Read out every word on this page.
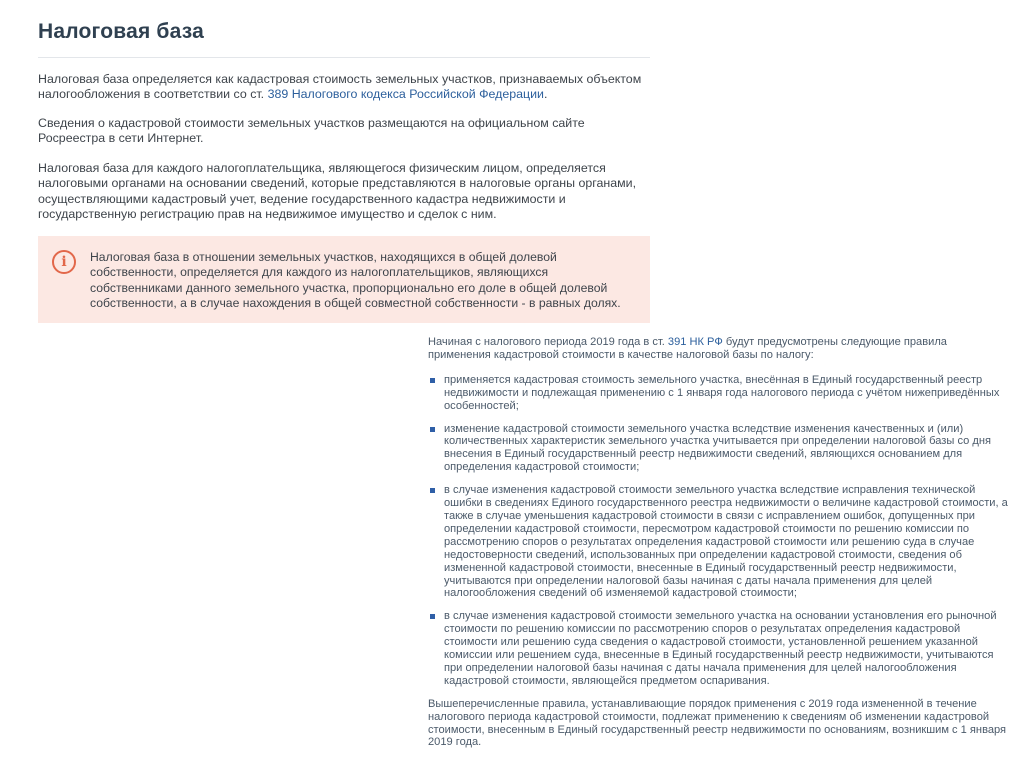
Налоговая база

Налоговая база определяется как кадастровая стоимость земельных участков, признаваемых объектом налогообложения в соответствии со ст. 389 Налогового кодекса Российской Федерации.

Сведения о кадастровой стоимости земельных участков размещаются на официальном сайте Росреестра в сети Интернет.

Налоговая база для каждого налогоплательщика, являющегося физическим лицом, определяется налоговыми органами на основании сведений, которые представляются в налоговые органы органами, осуществляющими кадастровый учет, ведение государственного кадастра недвижимости и государственную регистрацию прав на недвижимое имущество и сделок с ним.

i	Налоговая база в отношении земельных участков, находящихся в общей долевой собственности, определяется для каждого из налогоплательщиков, являющихся собственниками данного земельного участка, пропорционально его доле в общей долевой собственности, а в случае нахождения в общей совместной собственности - в равных долях.

Начиная с налогового периода 2019 года в ст. 391 НК РФ будут предусмотрены следующие правила применения кадастровой стоимости в качестве налоговой базы по налогу:

применяется кадастровая стоимость земельного участка, внесённая в Единый государственный реестр недвижимости и подлежащая применению с 1 января года налогового периода с учётом нижеприведённых особенностей;
изменение кадастровой стоимости земельного участка вследствие изменения качественных и (или) количественных характеристик земельного участка учитывается при определении налоговой базы со дня внесения в Единый государственный реестр недвижимости сведений, являющихся основанием для определения кадастровой стоимости;
в случае изменения кадастровой стоимости земельного участка вследствие исправления технической ошибки в сведениях Единого государственного реестра недвижимости о величине кадастровой стоимости, а также в случае уменьшения кадастровой стоимости в связи с исправлением ошибок, допущенных при определении кадастровой стоимости, пересмотром кадастровой стоимости по решению комиссии по рассмотрению споров о результатах определения кадастровой стоимости или решению суда в случае недостоверности сведений, использованных при определении кадастровой стоимости, сведения об измененной кадастровой стоимости, внесенные в Единый государственный реестр недвижимости, учитываются при определении налоговой базы начиная с даты начала применения для целей налогообложения сведений об изменяемой кадастровой стоимости;
в случае изменения кадастровой стоимости земельного участка на основании установления его рыночной стоимости по решению комиссии по рассмотрению споров о результатах определения кадастровой стоимости или решению суда сведения о кадастровой стоимости, установленной решением указанной комиссии или решением суда, внесенные в Единый государственный реестр недвижимости, учитываются при определении налоговой базы начиная с даты начала применения для целей налогообложения кадастровой стоимости, являющейся предметом оспаривания.

Вышеперечисленные правила, устанавливающие порядок применения с 2019 года измененной в течение налогового периода кадастровой стоимости, подлежат применению к сведениям об изменении кадастровой стоимости, внесенным в Единый государственный реестр недвижимости по основаниям, возникшим с 1 января 2019 года.
